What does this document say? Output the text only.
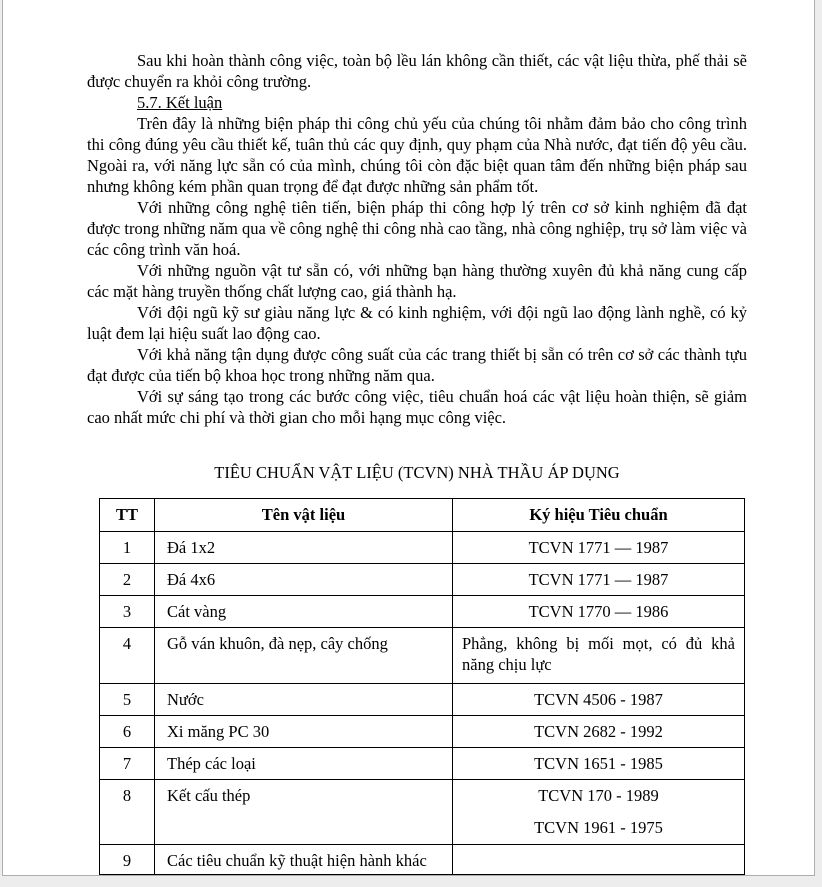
Sau khi hoàn thành công việc, toàn bộ lều lán không cần thiết, các vật liệu thừa, phế thải sẽ được chuyển ra khỏi công trường.

5.7. Kết luận

Trên đây là những biện pháp thi công chủ yếu của chúng tôi nhằm đảm bảo cho công trình thi công đúng yêu cầu thiết kế, tuân thủ các quy định, quy phạm của Nhà nước, đạt tiến độ yêu cầu. Ngoài ra, với năng lực sẵn có của mình, chúng tôi còn đặc biệt quan tâm đến những biện pháp sau nhưng không kém phần quan trọng để đạt được những sản phẩm tốt.

Với những công nghệ tiên tiến, biện pháp thi công hợp lý trên cơ sở kinh nghiệm đã đạt được trong những năm qua về công nghệ thi công nhà cao tầng, nhà công nghiệp, trụ sở làm việc và các công trình văn hoá.

Với những nguồn vật tư sẵn có, với những bạn hàng thường xuyên đủ khả năng cung cấp các mặt hàng truyền thống chất lượng cao, giá thành hạ.

Với đội ngũ kỹ sư giàu năng lực & có kinh nghiệm, với đội ngũ lao động lành nghề, có kỷ luật đem lại hiệu suất lao động cao.

Với khả năng tận dụng được công suất của các trang thiết bị sẵn có trên cơ sở các thành tựu đạt được của tiến bộ khoa học trong những năm qua.

Với sự sáng tạo trong các bước công việc, tiêu chuẩn hoá các vật liệu hoàn thiện, sẽ giảm cao nhất mức chi phí và thời gian cho mỗi hạng mục công việc.

TIÊU CHUẨN VẬT LIỆU (TCVN) NHÀ THẦU ÁP DỤNG
TT	Tên vật liệu	Ký hiệu Tiêu chuẩn
1	Đá 1x2	TCVN 1771 — 1987
2	Đá 4x6	TCVN 1771 — 1987
3	Cát vàng	TCVN 1770 — 1986
4	Gỗ ván khuôn, đà nẹp, cây chống	Phẳng, không bị mối mọt, có đủ khả năng chịu lực
5	Nước	TCVN 4506 - 1987
6	Xi măng PC 30	TCVN 2682 - 1992
7	Thép các loại	TCVN 1651 - 1985
8	Kết cấu thép	TCVN 170 - 1989
TCVN 1961 - 1975

9	Các tiêu chuẩn kỹ thuật hiện hành khác	
